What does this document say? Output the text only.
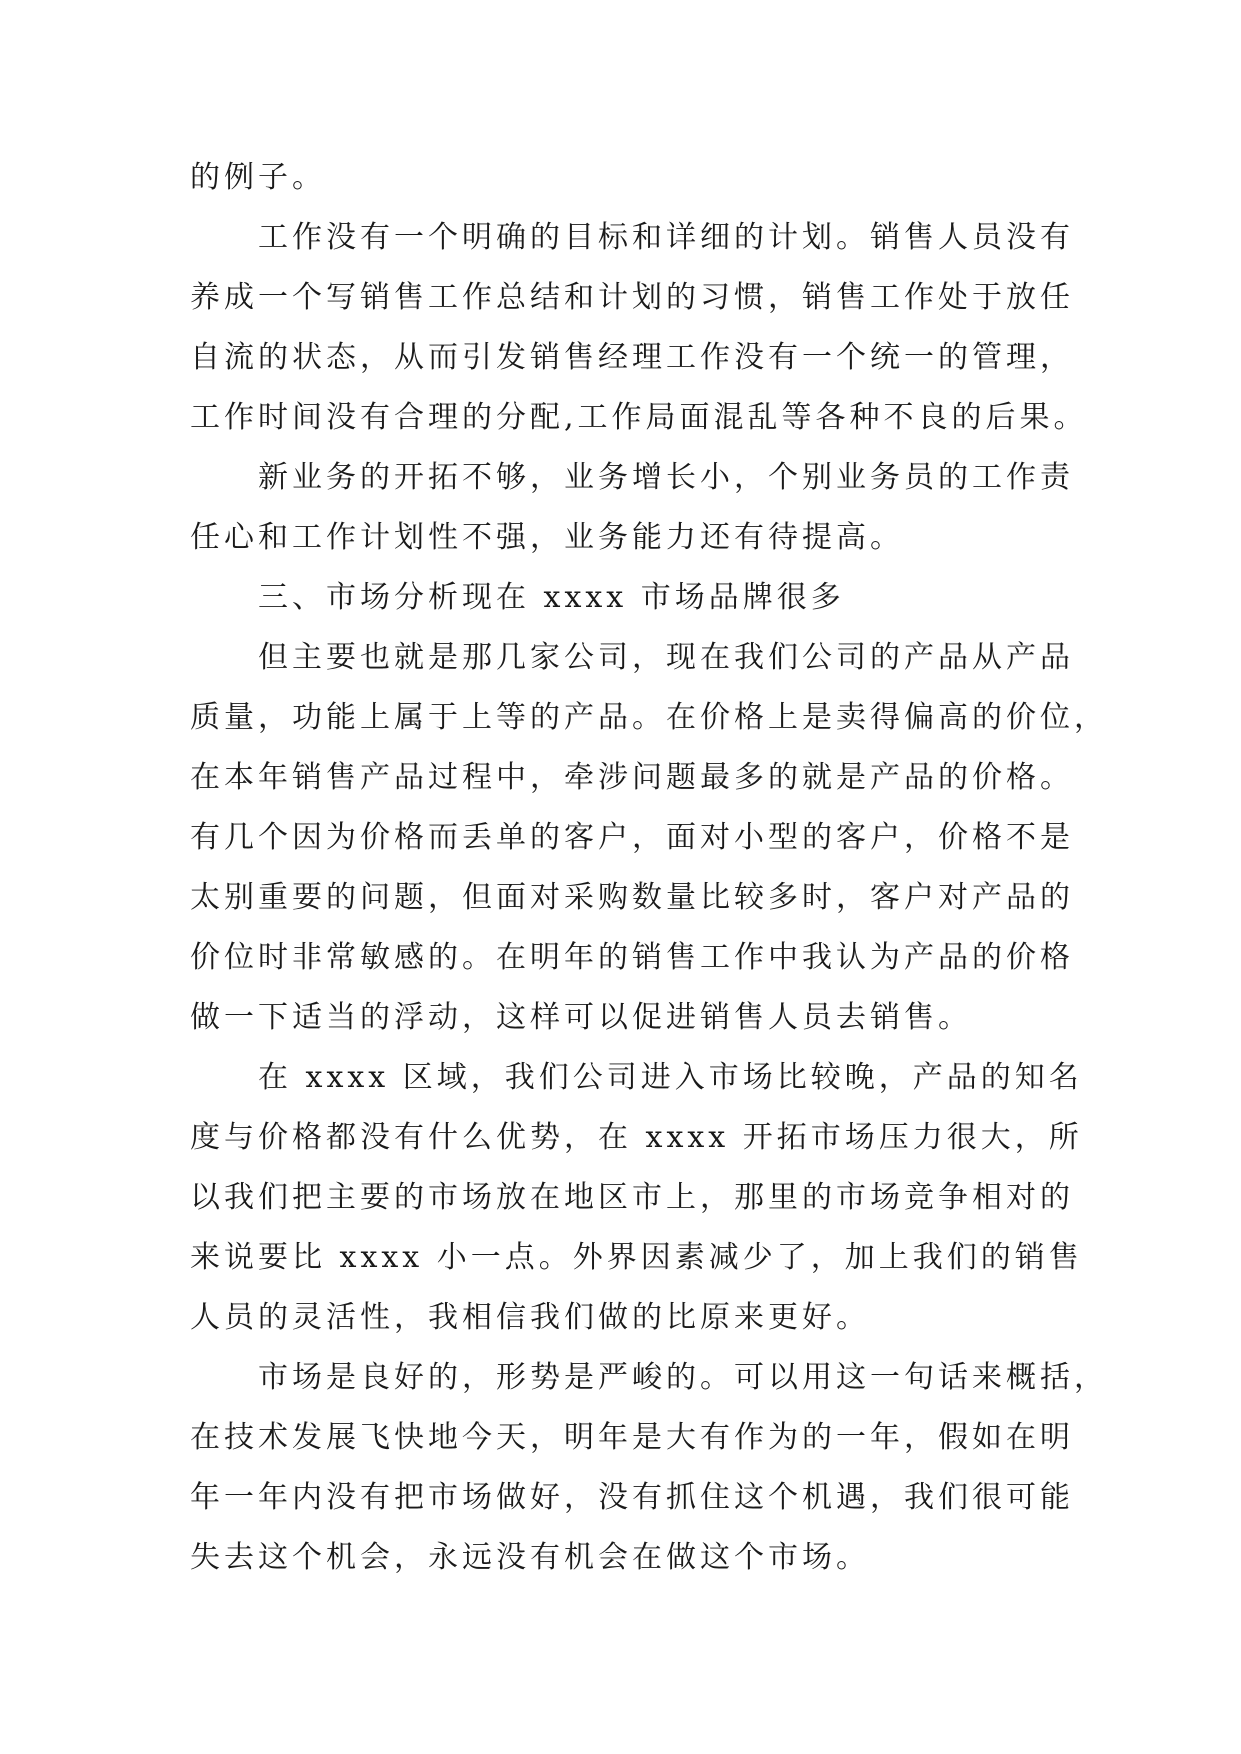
的例子。
工作没有一个明确的目标和详细的计划。销售人员没有
养成一个写销售工作总结和计划的习惯，销售工作处于放任
自流的状态，从而引发销售经理工作没有一个统一的管理，
工作时间没有合理的分配,工作局面混乱等各种不良的后果。
新业务的开拓不够，业务增长小，个别业务员的工作责
任心和工作计划性不强，业务能力还有待提高。
三、市场分析现在 xxxx 市场品牌很多
但主要也就是那几家公司，现在我们公司的产品从产品
质量，功能上属于上等的产品。在价格上是卖得偏高的价位，
在本年销售产品过程中，牵涉问题最多的就是产品的价格。
有几个因为价格而丢单的客户，面对小型的客户，价格不是
太别重要的问题，但面对采购数量比较多时，客户对产品的
价位时非常敏感的。在明年的销售工作中我认为产品的价格
做一下适当的浮动，这样可以促进销售人员去销售。
在 xxxx 区域，我们公司进入市场比较晚，产品的知名
度与价格都没有什么优势，在 xxxx 开拓市场压力很大，所
以我们把主要的市场放在地区市上，那里的市场竞争相对的
来说要比 xxxx 小一点。外界因素减少了，加上我们的销售
人员的灵活性，我相信我们做的比原来更好。
市场是良好的，形势是严峻的。可以用这一句话来概括，
在技术发展飞快地今天，明年是大有作为的一年，假如在明
年一年内没有把市场做好，没有抓住这个机遇，我们很可能
失去这个机会，永远没有机会在做这个市场。
